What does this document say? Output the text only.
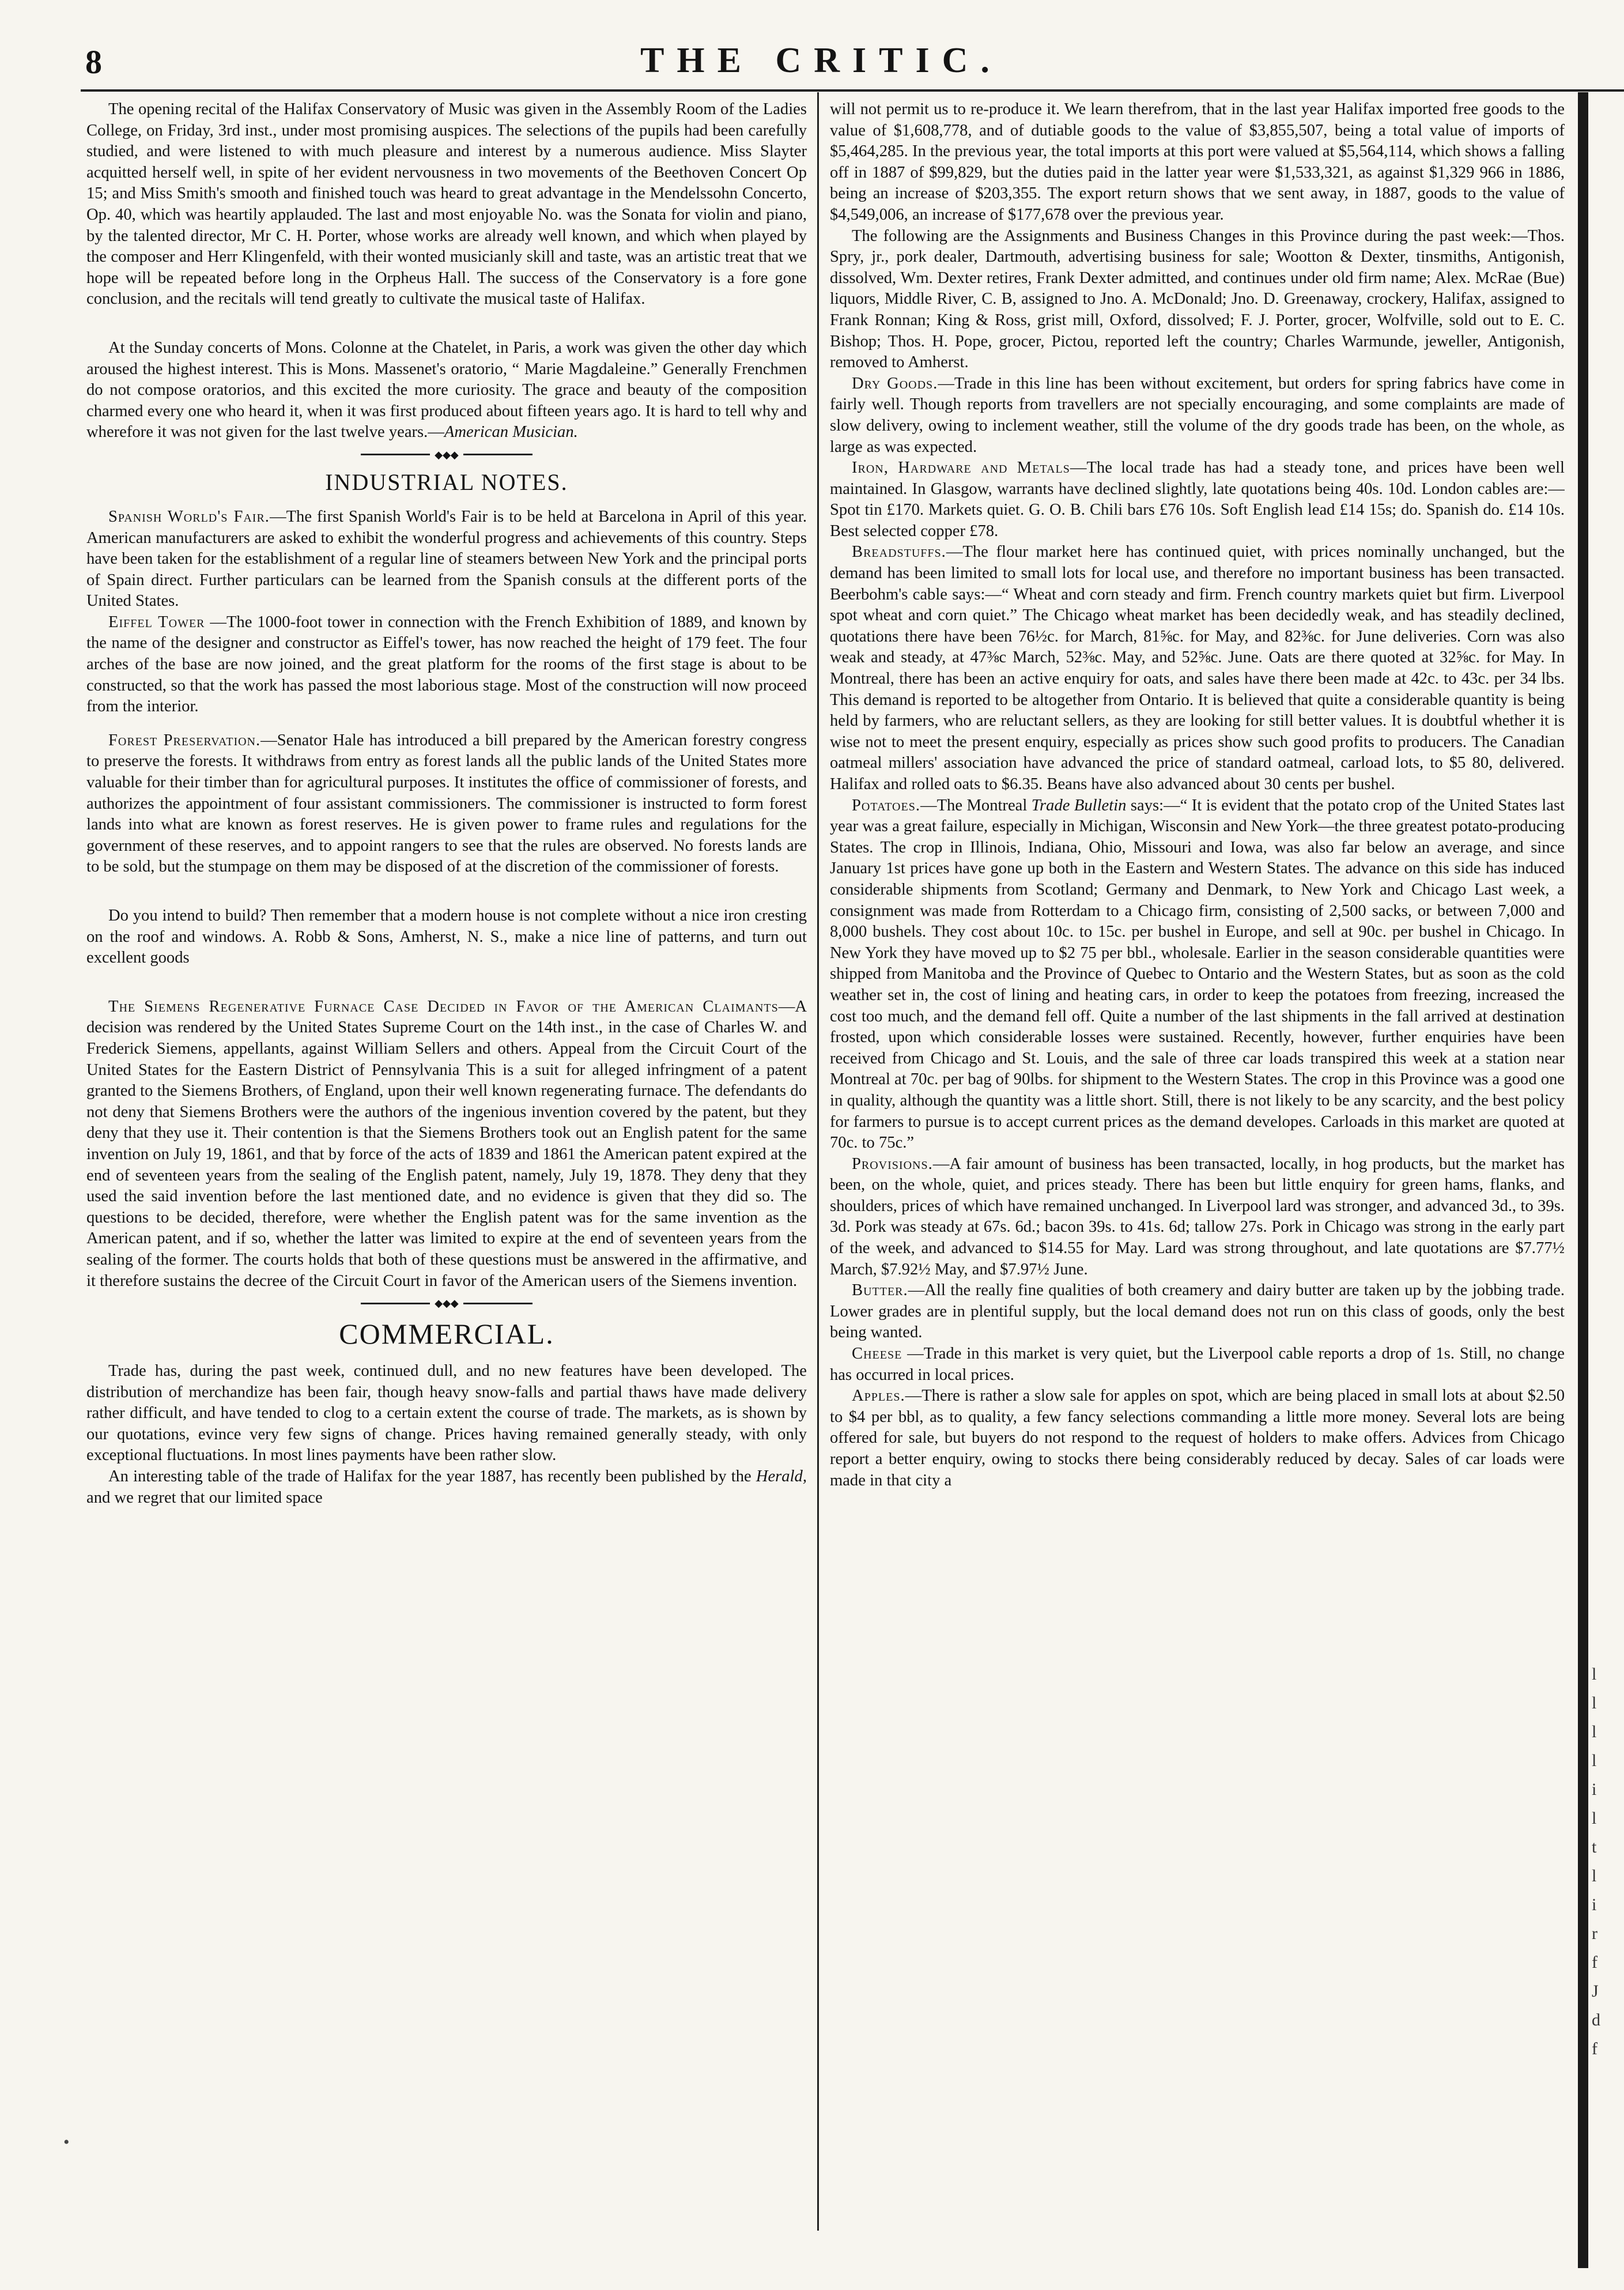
8	THE CRITIC.

The opening recital of the Halifax Conservatory of Music was given in the Assembly Room of the Ladies College, on Friday, 3rd inst., under most promising auspices. The selections of the pupils had been carefully studied, and were listened to with much pleasure and interest by a numerous audience. Miss Slayter acquitted herself well, in spite of her evident nervousness in two movements of the Beethoven Concert Op 15; and Miss Smith's smooth and finished touch was heard to great advantage in the Mendelssohn Concerto, Op. 40, which was heartily applauded. The last and most enjoyable No. was the Sonata for violin and piano, by the talented director, Mr C. H. Porter, whose works are already well known, and which when played by the composer and Herr Klingenfeld, with their wonted musicianly skill and taste, was an artistic treat that we hope will be repeated before long in the Orpheus Hall. The success of the Conservatory is a fore gone conclusion, and the recitals will tend greatly to cultivate the musical taste of Halifax.

At the Sunday concerts of Mons. Colonne at the Chatelet, in Paris, a work was given the other day which aroused the highest interest. This is Mons. Massenet's oratorio, “ Marie Magdaleine.” Generally Frenchmen do not compose oratorios, and this excited the more curiosity. The grace and beauty of the composition charmed every one who heard it, when it was first produced about fifteen years ago. It is hard to tell why and wherefore it was not given for the last twelve years.—American Musician.

◆◆◆
INDUSTRIAL NOTES.

Spanish World's Fair.—The first Spanish World's Fair is to be held at Barcelona in April of this year. American manufacturers are asked to exhibit the wonderful progress and achievements of this country. Steps have been taken for the establishment of a regular line of steamers between New York and the principal ports of Spain direct. Further particulars can be learned from the Spanish consuls at the different ports of the United States.

Eiffel Tower —The 1000-foot tower in connection with the French Exhibition of 1889, and known by the name of the designer and constructor as Eiffel's tower, has now reached the height of 179 feet. The four arches of the base are now joined, and the great platform for the rooms of the first stage is about to be constructed, so that the work has passed the most laborious stage. Most of the construction will now proceed from the interior.

Forest Preservation.—Senator Hale has introduced a bill prepared by the American forestry congress to preserve the forests. It withdraws from entry as forest lands all the public lands of the United States more valuable for their timber than for agricultural purposes. It institutes the office of commissioner of forests, and authorizes the appointment of four assistant commissioners. The commissioner is instructed to form forest lands into what are known as forest reserves. He is given power to frame rules and regulations for the government of these reserves, and to appoint rangers to see that the rules are observed. No forests lands are to be sold, but the stumpage on them may be disposed of at the discretion of the commissioner of forests.

Do you intend to build? Then remember that a modern house is not complete without a nice iron cresting on the roof and windows. A. Robb & Sons, Amherst, N. S., make a nice line of patterns, and turn out excellent goods

The Siemens Regenerative Furnace Case Decided in Favor of the American Claimants—A decision was rendered by the United States Supreme Court on the 14th inst., in the case of Charles W. and Frederick Siemens, appellants, against William Sellers and others. Appeal from the Circuit Court of the United States for the Eastern District of Pennsylvania This is a suit for alleged infringment of a patent granted to the Siemens Brothers, of England, upon their well known regenerating furnace. The defendants do not deny that Siemens Brothers were the authors of the ingenious invention covered by the patent, but they deny that they use it. Their contention is that the Siemens Brothers took out an English patent for the same invention on July 19, 1861, and that by force of the acts of 1839 and 1861 the American patent expired at the end of seventeen years from the sealing of the English patent, namely, July 19, 1878. They deny that they used the said invention before the last mentioned date, and no evidence is given that they did so. The questions to be decided, therefore, were whether the English patent was for the same invention as the American patent, and if so, whether the latter was limited to expire at the end of seventeen years from the sealing of the former. The courts holds that both of these questions must be answered in the affirmative, and it therefore sustains the decree of the Circuit Court in favor of the American users of the Siemens invention.

◆◆◆
COMMERCIAL.

Trade has, during the past week, continued dull, and no new features have been developed. The distribution of merchandize has been fair, though heavy snow-falls and partial thaws have made delivery rather difficult, and have tended to clog to a certain extent the course of trade. The markets, as is shown by our quotations, evince very few signs of change. Prices having remained generally steady, with only exceptional fluctuations. In most lines payments have been rather slow.

An interesting table of the trade of Halifax for the year 1887, has recently been published by the Herald, and we regret that our limited space

will not permit us to re-produce it. We learn therefrom, that in the last year Halifax imported free goods to the value of $1,608,778, and of dutiable goods to the value of $3,855,507, being a total value of imports of $5,464,285. In the previous year, the total imports at this port were valued at $5,564,114, which shows a falling off in 1887 of $99,829, but the duties paid in the latter year were $1,533,321, as against $1,329 966 in 1886, being an increase of $203,355. The export return shows that we sent away, in 1887, goods to the value of $4,549,006, an increase of $177,678 over the previous year.

The following are the Assignments and Business Changes in this Province during the past week:—Thos. Spry, jr., pork dealer, Dartmouth, advertising business for sale; Wootton & Dexter, tinsmiths, Antigonish, dissolved, Wm. Dexter retires, Frank Dexter admitted, and continues under old firm name; Alex. McRae (Bue) liquors, Middle River, C. B, assigned to Jno. A. McDonald; Jno. D. Greenaway, crockery, Halifax, assigned to Frank Ronnan; King & Ross, grist mill, Oxford, dissolved; F. J. Porter, grocer, Wolfville, sold out to E. C. Bishop; Thos. H. Pope, grocer, Pictou, reported left the country; Charles Warmunde, jeweller, Antigonish, removed to Amherst.

Dry Goods.—Trade in this line has been without excitement, but orders for spring fabrics have come in fairly well. Though reports from travellers are not specially encouraging, and some complaints are made of slow delivery, owing to inclement weather, still the volume of the dry goods trade has been, on the whole, as large as was expected.

Iron, Hardware and Metals—The local trade has had a steady tone, and prices have been well maintained. In Glasgow, warrants have declined slightly, late quotations being 40s. 10d. London cables are:—Spot tin £170. Markets quiet. G. O. B. Chili bars £76 10s. Soft English lead £14 15s; do. Spanish do. £14 10s. Best selected copper £78.

Breadstuffs.—The flour market here has continued quiet, with prices nominally unchanged, but the demand has been limited to small lots for local use, and therefore no important business has been transacted. Beerbohm's cable says:—“ Wheat and corn steady and firm. French country markets quiet but firm. Liverpool spot wheat and corn quiet.” The Chicago wheat market has been decidedly weak, and has steadily declined, quotations there have been 76½c. for March, 81⅝c. for May, and 82⅜c. for June deliveries. Corn was also weak and steady, at 47⅜c March, 52⅜c. May, and 52⅝c. June. Oats are there quoted at 32⅝c. for May. In Montreal, there has been an active enquiry for oats, and sales have there been made at 42c. to 43c. per 34 lbs. This demand is reported to be altogether from Ontario. It is believed that quite a considerable quantity is being held by farmers, who are reluctant sellers, as they are looking for still better values. It is doubtful whether it is wise not to meet the present enquiry, especially as prices show such good profits to producers. The Canadian oatmeal millers' association have advanced the price of standard oatmeal, carload lots, to $5 80, delivered. Halifax and rolled oats to $6.35. Beans have also advanced about 30 cents per bushel.

Potatoes.—The Montreal Trade Bulletin says:—“ It is evident that the potato crop of the United States last year was a great failure, especially in Michigan, Wisconsin and New York—the three greatest potato-producing States. The crop in Illinois, Indiana, Ohio, Missouri and Iowa, was also far below an average, and since January 1st prices have gone up both in the Eastern and Western States. The advance on this side has induced considerable shipments from Scotland; Germany and Denmark, to New York and Chicago Last week, a consignment was made from Rotterdam to a Chicago firm, consisting of 2,500 sacks, or between 7,000 and 8,000 bushels. They cost about 10c. to 15c. per bushel in Europe, and sell at 90c. per bushel in Chicago. In New York they have moved up to $2 75 per bbl., wholesale. Earlier in the season considerable quantities were shipped from Manitoba and the Province of Quebec to Ontario and the Western States, but as soon as the cold weather set in, the cost of lining and heating cars, in order to keep the potatoes from freezing, increased the cost too much, and the demand fell off. Quite a number of the last shipments in the fall arrived at destination frosted, upon which considerable losses were sustained. Recently, however, further enquiries have been received from Chicago and St. Louis, and the sale of three car loads transpired this week at a station near Montreal at 70c. per bag of 90lbs. for shipment to the Western States. The crop in this Province was a good one in quality, although the quantity was a little short. Still, there is not likely to be any scarcity, and the best policy for farmers to pursue is to accept current prices as the demand developes. Carloads in this market are quoted at 70c. to 75c.”

Provisions.—A fair amount of business has been transacted, locally, in hog products, but the market has been, on the whole, quiet, and prices steady. There has been but little enquiry for green hams, flanks, and shoulders, prices of which have remained unchanged. In Liverpool lard was stronger, and advanced 3d., to 39s. 3d. Pork was steady at 67s. 6d.; bacon 39s. to 41s. 6d; tallow 27s. Pork in Chicago was strong in the early part of the week, and advanced to $14.55 for May. Lard was strong throughout, and late quotations are $7.77½ March, $7.92½ May, and $7.97½ June.

Butter.—All the really fine qualities of both creamery and dairy butter are taken up by the jobbing trade. Lower grades are in plentiful supply, but the local demand does not run on this class of goods, only the best being wanted.

Cheese —Trade in this market is very quiet, but the Liverpool cable reports a drop of 1s. Still, no change has occurred in local prices.

Apples.—There is rather a slow sale for apples on spot, which are being placed in small lots at about $2.50 to $4 per bbl, as to quality, a few fancy selections commanding a little more money. Several lots are being offered for sale, but buyers do not respond to the request of holders to make offers. Advices from Chicago report a better enquiry, owing to stocks there being considerably reduced by decay. Sales of car loads were made in that city a

l
l
l
l
i
l
t
l
i
r
f
J
d
f
•
